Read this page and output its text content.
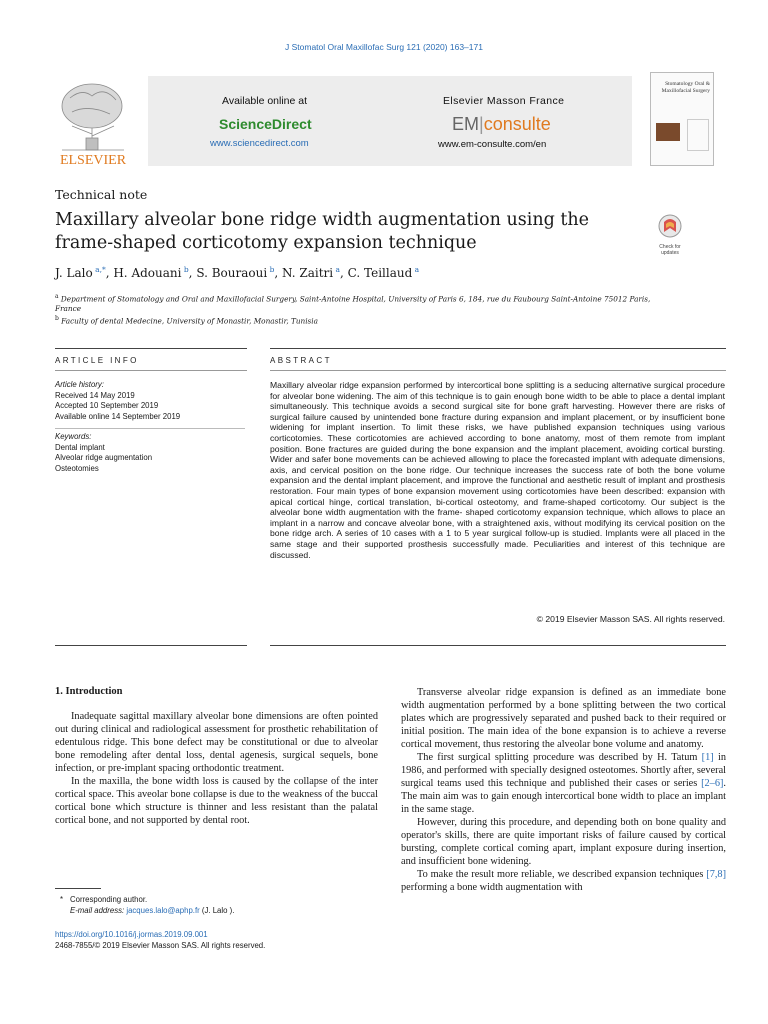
J Stomatol Oral Maxillofac Surg 121 (2020) 163–171
ELSEVIER
Available online at
ScienceDirect
www.sciencedirect.com
Elsevier Masson France
EM|consulte
www.em-consulte.com/en
Stomatology Oral & Maxillofacial Surgery
Technical note
Maxillary alveolar bone ridge width augmentation using the frame-shaped corticotomy expansion technique	Check for updates
J. Lalo $^{a,*}$, H. Adouani $^b$, S. Bouraoui $^b$, N. Zaitri $^a$, C. Teillaud $^a$
$^a$ Department of Stomatology and Oral and Maxillofacial Surgery, Saint-Antoine Hospital, University of Paris 6, 184, rue du Faubourg Saint-Antoine 75012 Paris, France
$^b$ Faculty of dental Medecine, University of Monastir, Monastir, Tunisia
ARTICLE INFO	ABSTRACT
Article history:
Received 14 May 2019
Accepted 10 September 2019
Available online 14 September 2019
Keywords:
Dental implant
Alveolar ridge augmentation
Osteotomies
Maxillary alveolar ridge expansion performed by intercortical bone splitting is a seducing alternative surgical procedure for alveolar bone widening. The aim of this technique is to gain enough bone width to be able to place a dental implant simultaneously. This technique avoids a second surgical site for bone graft harvesting. However there are risks of surgical failure caused by unintended bone fracture during expansion and implant placement, or by insufficient bone widening for implant insertion. To limit these risks, we have published expansion techniques using various corticotomies. These corticotomies are achieved according to bone anatomy, most of them remote from implant position. Bone fractures are guided during the bone expansion and the implant placement, avoiding cortical bursting. Wider and safer bone movements can be achieved allowing to place the forecasted implant with adequate dimensions, axis, and cervical position on the bone ridge. Our technique increases the success rate of both the bone volume expansion and the dental implant placement, and improve the functional and aesthetic result of implant and prosthesis restoration. Four main types of bone expansion movement using corticotomies have been described: expansion with apical cortical hinge, cortical translation, bi-cortical osteotomy, and frame-shaped corticotomy. Our subject is the alveolar bone width augmentation with the frame- shaped corticotomy expansion technique, which allows to place an implant in a narrow and concave alveolar bone, with a straightened axis, without modifying its cervical position on the bone ridge arch. A series of 10 cases with a 1 to 5 year surgical follow-up is studied. Implants were all placed in the same stage and their supported prosthesis successfully made. Peculiarities and interest of this technique are discussed.
© 2019 Elsevier Masson SAS. All rights reserved.
1. Introduction

Inadequate sagittal maxillary alveolar bone dimensions are often pointed out during clinical and radiological assessment for prosthetic rehabilitation of edentulous ridge. This bone defect may be constitutional or due to alveolar bone remodeling after dental loss, dental agenesis, surgical sequels, bone infection, or pre-implant spacing orthodontic treatment.

In the maxilla, the bone width loss is caused by the collapse of the inter cortical space. This aveolar bone collapse is due to the weakness of the buccal cortical bone which structure is thinner and less resistant than the palatal cortical bone, and not supported by dental root.

Transverse alveolar ridge expansion is defined as an immediate bone width augmentation performed by a bone splitting between the two cortical plates which are progressively separated and pushed back to their required or initial position. The main idea of the bone expansion is to achieve a reverse cortical movement, thus restoring the alveolar bone volume and anatomy.

The first surgical splitting procedure was described by H. Tatum [1] in 1986, and performed with specially designed osteotomes. Shortly after, several surgical teams used this technique and published their cases or series [2–6]. The main aim was to gain enough intercortical bone width to place an implant in the same stage.

However, during this procedure, and depending both on bone quality and operator's skills, there are quite important risks of failure caused by cortical bursting, complete cortical coming apart, implant exposure during insertion, and insufficient bone widening.

To make the result more reliable, we described expansion techniques [7,8] performing a bone width augmentation with

* Corresponding author.
E-mail address: jacques.lalo@aphp.fr (J. Lalo ).
https://doi.org/10.1016/j.jormas.2019.09.001
2468-7855/© 2019 Elsevier Masson SAS. All rights reserved.
